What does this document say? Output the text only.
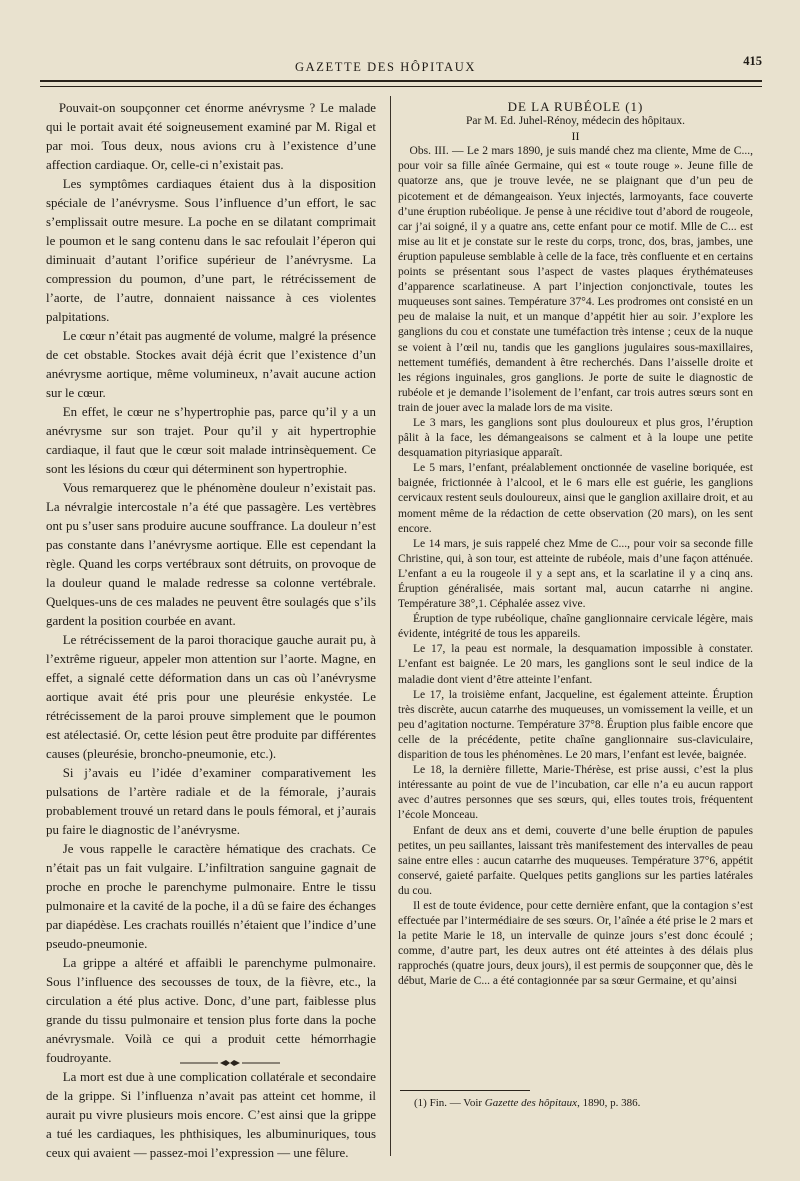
GAZETTE DES HÔPITAUX	415

Pouvait-on soupçonner cet énorme anévrysme ? Le malade qui le portait avait été soigneusement examiné par M. Rigal et par moi. Tous deux, nous avions cru à l’existence d’une affection cardiaque. Or, celle-ci n’existait pas.

Les symptômes cardiaques étaient dus à la disposition spéciale de l’anévrysme. Sous l’influence d’un effort, le sac s’emplissait outre mesure. La poche en se dilatant comprimait le poumon et le sang contenu dans le sac refoulait l’éperon qui diminuait d’autant l’orifice supérieur de l’anévrysme. La compression du poumon, d’une part, le rétrécissement de l’aorte, de l’autre, donnaient naissance à ces violentes palpitations.

Le cœur n’était pas augmenté de volume, malgré la présence de cet obstable. Stockes avait déjà écrit que l’existence d’un anévrysme aortique, même volumineux, n’avait aucune action sur le cœur.

En effet, le cœur ne s’hypertrophie pas, parce qu’il y a un anévrysme sur son trajet. Pour qu’il y ait hypertrophie cardiaque, il faut que le cœur soit malade intrinsèquement. Ce sont les lésions du cœur qui déterminent son hypertrophie.

Vous remarquerez que le phénomène douleur n’existait pas. La névralgie intercostale n’a été que passagère. Les vertèbres ont pu s’user sans produire aucune souffrance. La douleur n’est pas constante dans l’anévrysme aortique. Elle est cependant la règle. Quand les corps vertébraux sont détruits, on provoque de la douleur quand le malade redresse sa colonne vertébrale. Quelques-uns de ces malades ne peuvent être soulagés que s’ils gardent la position courbée en avant.

Le rétrécissement de la paroi thoracique gauche aurait pu, à l’extrême rigueur, appeler mon attention sur l’aorte. Magne, en effet, a signalé cette déformation dans un cas où l’anévrysme aortique avait été pris pour une pleurésie enkystée. Le rétrécissement de la paroi prouve simplement que le poumon est atélectasié. Or, cette lésion peut être produite par différentes causes (pleurésie, broncho-pneumonie, etc.).

Si j’avais eu l’idée d’examiner comparativement les pulsations de l’artère radiale et de la fémorale, j’aurais probablement trouvé un retard dans le pouls fémoral, et j’aurais pu faire le diagnostic de l’anévrysme.

Je vous rappelle le caractère hématique des crachats. Ce n’était pas un fait vulgaire. L’infiltration sanguine gagnait de proche en proche le parenchyme pulmonaire. Entre le tissu pulmonaire et la cavité de la poche, il a dû se faire des échanges par diapédèse. Les crachats rouillés n’étaient que l’indice d’une pseudo-pneumonie.

La grippe a altéré et affaibli le parenchyme pulmonaire. Sous l’influence des secousses de toux, de la fièvre, etc., la circulation a été plus active. Donc, d’une part, faiblesse plus grande du tissu pulmonaire et tension plus forte dans la poche anévrysmale. Voilà ce qui a produit cette hémorrhagie foudroyante.

La mort est due à une complication collatérale et secondaire de la grippe. Si l’influenza n’avait pas atteint cet homme, il aurait pu vivre plusieurs mois encore. C’est ainsi que la grippe a tué les cardiaques, les phthisiques, les albuminuriques, tous ceux qui avaient — passez-moi l’expression — une fêlure.

DE LA RUBÉOLE (1)

Par M. Ed. Juhel-Rénoy, médecin des hôpitaux.

II

Obs. III. — Le 2 mars 1890, je suis mandé chez ma cliente, Mme de C..., pour voir sa fille aînée Germaine, qui est « toute rouge ». Jeune fille de quatorze ans, que je trouve levée, ne se plaignant que d’un peu de picotement et de démangeaison. Yeux injectés, larmoyants, face couverte d’une éruption rubéolique. Je pense à une récidive tout d’abord de rougeole, car j’ai soigné, il y a quatre ans, cette enfant pour ce motif. Mlle de C... est mise au lit et je constate sur le reste du corps, tronc, dos, bras, jambes, une éruption papuleuse semblable à celle de la face, très confluente et en certains points se présentant sous l’aspect de vastes plaques érythémateuses d’apparence scarlatineuse. A part l’injection conjonctivale, toutes les muqueuses sont saines. Température 37°4. Les prodromes ont consisté en un peu de malaise la nuit, et un manque d’appétit hier au soir. J’explore les ganglions du cou et constate une tuméfaction très intense ; ceux de la nuque se voient à l’œil nu, tandis que les ganglions jugulaires sous-maxillaires, nettement tuméfiés, demandent à être recherchés. Dans l’aisselle droite et les régions inguinales, gros ganglions. Je porte de suite le diagnostic de rubéole et je demande l’isolement de l’enfant, car trois autres sœurs sont en train de jouer avec la malade lors de ma visite.

Le 3 mars, les ganglions sont plus douloureux et plus gros, l’éruption pâlit à la face, les démangeaisons se calment et à la loupe une petite desquamation pityriasique apparaît.

Le 5 mars, l’enfant, préalablement onctionnée de vaseline boriquée, est baignée, frictionnée à l’alcool, et le 6 mars elle est guérie, les ganglions cervicaux restent seuls douloureux, ainsi que le ganglion axillaire droit, et au moment même de la rédaction de cette observation (20 mars), on les sent encore.

Le 14 mars, je suis rappelé chez Mme de C..., pour voir sa seconde fille Christine, qui, à son tour, est atteinte de rubéole, mais d’une façon atténuée. L’enfant a eu la rougeole il y a sept ans, et la scarlatine il y a cinq ans. Éruption généralisée, mais sortant mal, aucun catarrhe ni angine. Température 38°,1. Céphalée assez vive.

Éruption de type rubéolique, chaîne ganglionnaire cervicale légère, mais évidente, intégrité de tous les appareils.

Le 17, la peau est normale, la desquamation impossible à constater. L’enfant est baignée. Le 20 mars, les ganglions sont le seul indice de la maladie dont vient d’être atteinte l’enfant.

Le 17, la troisième enfant, Jacqueline, est également atteinte. Éruption très discrète, aucun catarrhe des muqueuses, un vomissement la veille, et un peu d’agitation nocturne. Température 37°8. Éruption plus faible encore que celle de la précédente, petite chaîne ganglionnaire sus-claviculaire, disparition de tous les phénomènes. Le 20 mars, l’enfant est levée, baignée.

Le 18, la dernière fillette, Marie-Thérèse, est prise aussi, c’est la plus intéressante au point de vue de l’incubation, car elle n’a eu aucun rapport avec d’autres personnes que ses sœurs, qui, elles toutes trois, fréquentent l’école Monceau.

Enfant de deux ans et demi, couverte d’une belle éruption de papules petites, un peu saillantes, laissant très manifestement des intervalles de peau saine entre elles : aucun catarrhe des muqueuses. Température 37°6, appétit conservé, gaieté parfaite. Quelques petits ganglions sur les parties latérales du cou.

Il est de toute évidence, pour cette dernière enfant, que la contagion s’est effectuée par l’intermédiaire de ses sœurs. Or, l’aînée a été prise le 2 mars et la petite Marie le 18, un intervalle de quinze jours s’est donc écoulé ; comme, d’autre part, les deux autres ont été atteintes à des délais plus rapprochés (quatre jours, deux jours), il est permis de soupçonner que, dès le début, Marie de C... a été contagionnée par sa sœur Germaine, et qu’ainsi

(1) Fin. — Voir Gazette des hôpitaux, 1890, p. 386.
